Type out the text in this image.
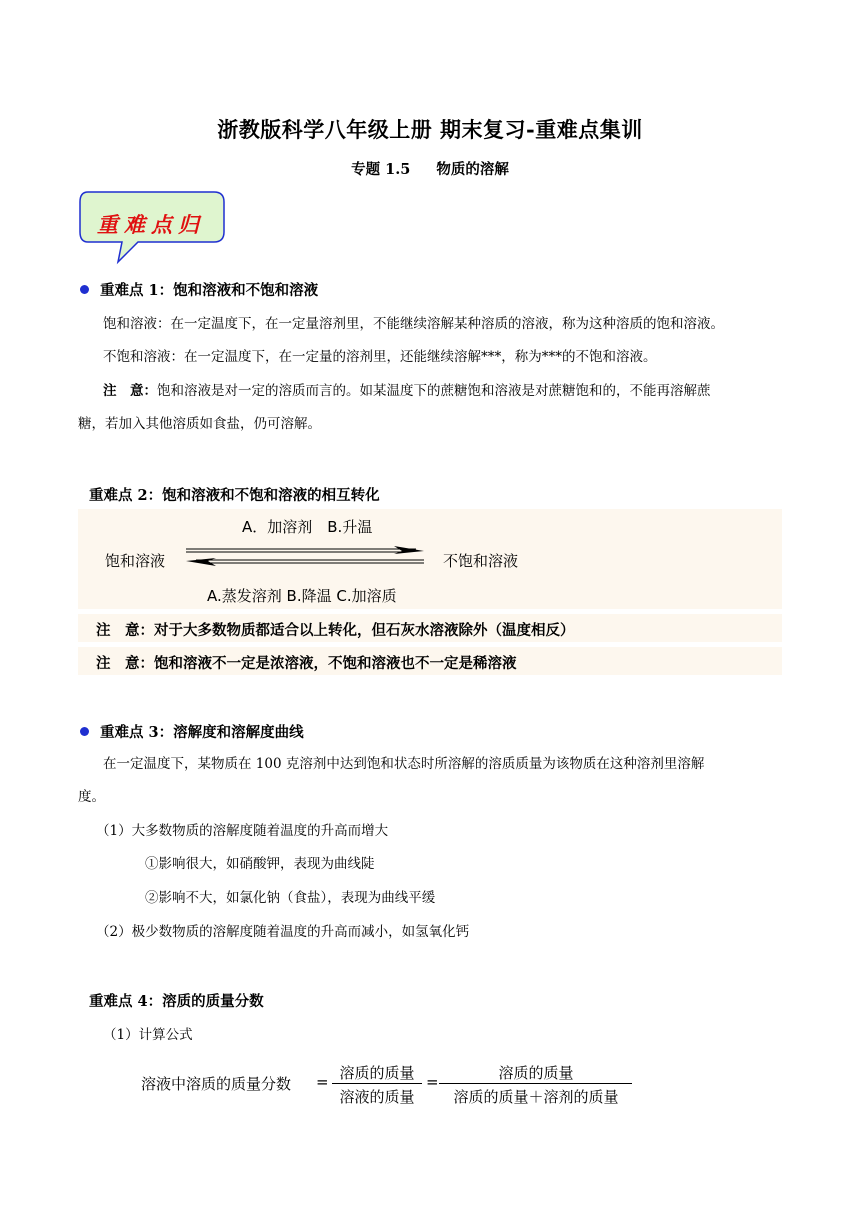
浙教版科学八年级上册 期末复习-重难点集训
专题 1.5 物质的溶解
重难点归
重难点 1：饱和溶液和不饱和溶液
饱和溶液：在一定温度下，在一定量溶剂里，不能继续溶解某种溶质的溶液，称为这种溶质的饱和溶液。
不饱和溶液：在一定温度下，在一定量的溶剂里，还能继续溶解***，称为***的不饱和溶液。
注　意：饱和溶液是对一定的溶质而言的。如某温度下的蔗糖饱和溶液是对蔗糖饱和的，不能再溶解蔗
糖，若加入其他溶质如食盐，仍可溶解。
重难点 2：饱和溶液和不饱和溶液的相互转化
A．加溶剂　B.升温
饱和溶液	不饱和溶液
A.蒸发溶剂 B.降温 C.加溶质
注　意：对于大多数物质都适合以上转化，但石灰水溶液除外（温度相反）
注　意：饱和溶液不一定是浓溶液，不饱和溶液也不一定是稀溶液
重难点 3：溶解度和溶解度曲线
在一定温度下，某物质在 100 克溶剂中达到饱和状态时所溶解的溶质质量为该物质在这种溶剂里溶解
度。
（1）大多数物质的溶解度随着温度的升高而增大
①影响很大，如硝酸钾，表现为曲线陡
②影响不大，如氯化钠（食盐），表现为曲线平缓
（2）极少数物质的溶解度随着温度的升高而减小，如氢氧化钙
重难点 4：溶质的质量分数
（1）计算公式
溶液中溶质的质量分数 = 溶质的质量
溶液的质量
=	溶质的质量
溶质的质量＋溶剂的质量
